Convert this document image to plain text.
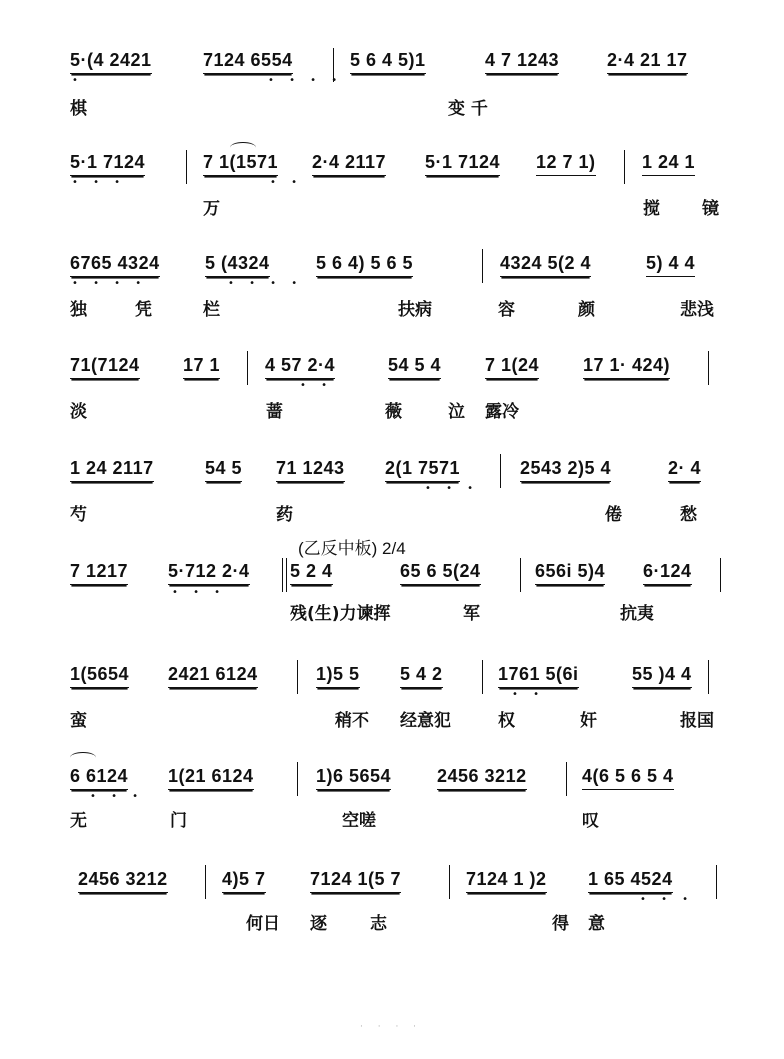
5·(4 2421	7124 6554	5 6 4 5)1	4 7 1243	2·4 21 17
• • • •
•
棋	变 千
5·1 7124	7 1(1571 2·4 2117 5·1 7124 12 7 1)	1 24 1
• • •
• •
万	搅 镜
6765 4324	5 (4324	5 6 4) 5 6 5	4324 5(2 4	5) 4 4
• • • •
• • • •
独	凭	栏	扶病	容	颜	悲浅
71(7124 17 1 4 57 2·4	54 5 4 7 1(24 17 1· 424)
• •
淡	蔷	薇	泣 露冷
1 24 2117	54 5 71 1243 2(1 7571	2543 2)5 4	2· 4
• • •
芍	药	倦	愁
(乙反中板) 2/4
7 1217 5·712 2·4 5 2 4	65 6 5(24	656i 5)4 6·124
• • •
残(生)力谏挥	军	抗夷
1(5654 2421 6124	1)5 5 5 4 2	1761 5(6i	55 )4 4
• •
蛮	稍不 经意犯	权	奸	报国
6 6124 1(21 6124	1)6 5654	2456 3212	4(6 5 6 5 4
• • •
无	门	空嗟	叹
2456 3212	4)5 7 7124 1(5 7	7124 1 )2 1 65 4524
• • •
何日 逐	志	得 意
· · · ·
